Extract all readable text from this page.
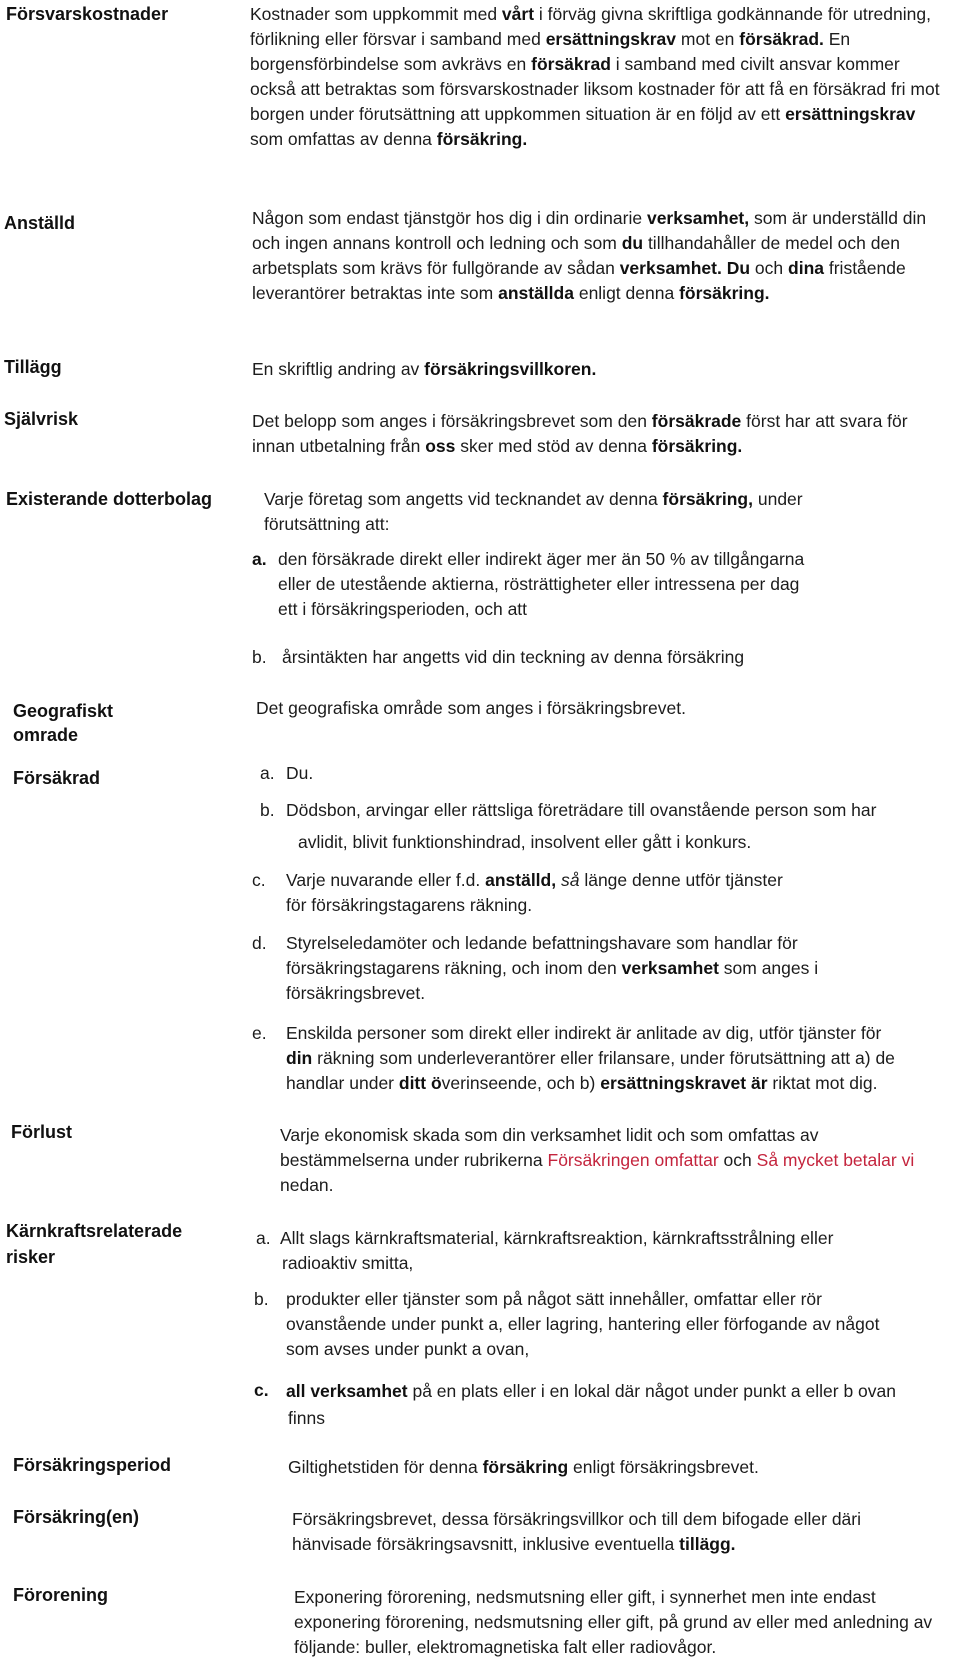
Försvarskostnader
Anställd
Tillägg
Självrisk
Existerande dotterbolag
Geografiskt
omrade
Försäkrad
Förlust
Kärnkraftsrelaterade
risker
Försäkringsperiod
Försäkring(en)
Förorening

Kostnader som uppkommit med vårt i förväg givna skriftliga godkännande för utredning, förlikning eller försvar i samband med ersättningskrav mot en försäkrad. En borgensförbindelse som avkrävs en försäkrad i samband med civilt ansvar kommer också att betraktas som försvarskostnader liksom kostnader för att få en försäkrad fri mot borgen under förutsättning att uppkommen situation är en följd av ett ersättningskrav som omfattas av denna försäkring.

Någon som endast tjänstgör hos dig i din ordinarie verksamhet, som är underställd din och ingen annans kontroll och ledning och som du tillhandahåller de medel och den arbetsplats som krävs för fullgörande av sådan verksamhet. Du och dina fristående leverantörer betraktas inte som anställda enligt denna försäkring.

En skriftlig andring av försäkringsvillkoren.

Det belopp som anges i försäkringsbrevet som den försäkrade först har att svara för innan utbetalning från oss sker med stöd av denna försäkring.

Varje företag som angetts vid tecknandet av denna försäkring, under förutsättning att:

a. den försäkrade direkt eller indirekt äger mer än 50 % av tillgångarna
eller de utestående aktierna, rösträttigheter eller intressena per dag
ett i försäkringsperioden, och att
b. årsintäkten har angetts vid din teckning av denna försäkring

Det geografiska område som anges i försäkringsbrevet.

a. Du.
b. Dödsbon, arvingar eller rättsliga företrädare till ovanstående person som har
avlidit, blivit funktionshindrad, insolvent eller gått i konkurs.
c. Varje nuvarande eller f.d. anställd, så länge denne utför tjänster
för försäkringstagarens räkning.
d. Styrelseledamöter och ledande befattningshavare som handlar för
försäkringstagarens räkning, och inom den verksamhet som anges i
försäkringsbrevet.
e. Enskilda personer som direkt eller indirekt är anlitade av dig, utför tjänster för
din räkning som underleverantörer eller frilansare, under förutsättning att a) de
handlar under ditt överinseende, och b) ersättningskravet är riktat mot dig.

Varje ekonomisk skada som din verksamhet lidit och som omfattas av bestämmelserna under rubrikerna Försäkringen omfattar och Så mycket betalar vi nedan.

a. Allt slags kärnkraftsmaterial, kärnkraftsreaktion, kärnkraftsstrålning eller
radioaktiv smitta,
b. produkter eller tjänster som på något sätt innehåller, omfattar eller rör
ovanstående under punkt a, eller lagring, hantering eller förfogande av något
som avses under punkt a ovan,
c. all verksamhet på en plats eller i en lokal där något under punkt a eller b ovan
finns

Giltighetstiden för denna försäkring enligt försäkringsbrevet.

Försäkringsbrevet, dessa försäkringsvillkor och till dem bifogade eller däri hänvisade försäkringsavsnitt, inklusive eventuella tillägg.

Exponering förorening, nedsmutsning eller gift, i synnerhet men inte endast exponering förorening, nedsmutsning eller gift, på grund av eller med anledning av följande: buller, elektromagnetiska falt eller radiovågor.
